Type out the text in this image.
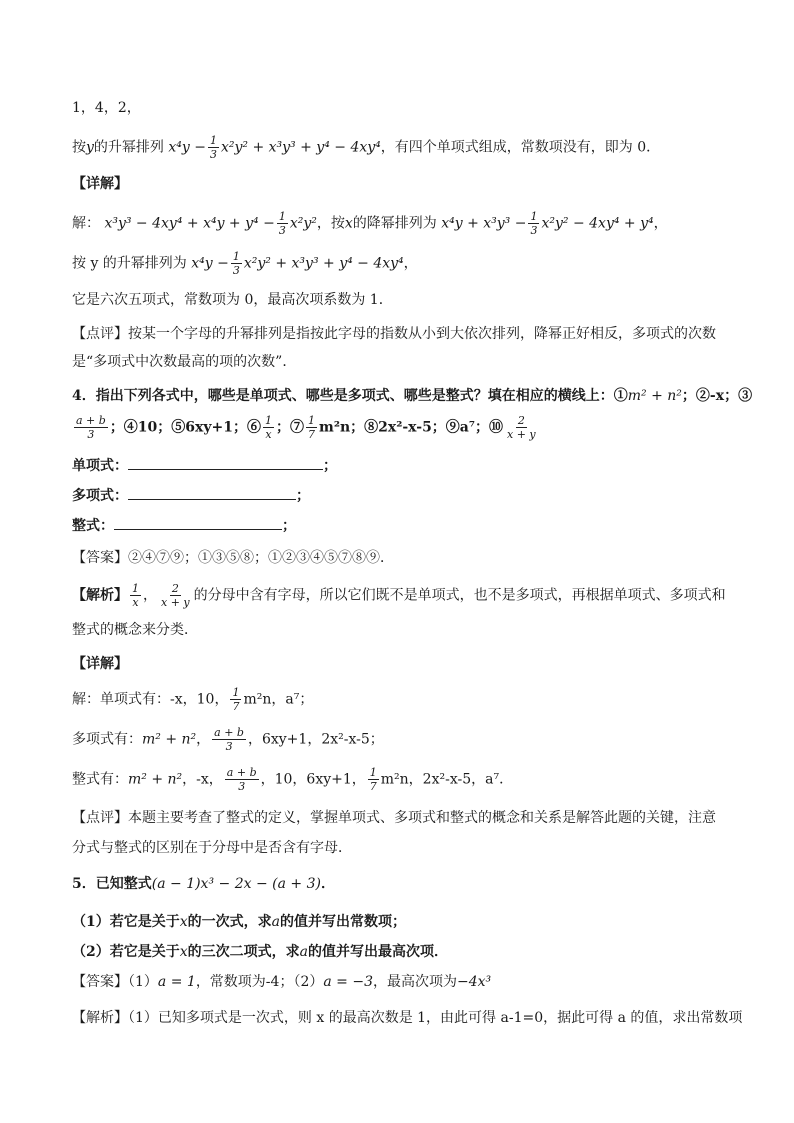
1，4，2，
按y的升幂排列 $x^4y - \frac{1}{3} x^2y^2 + x^3y^3 + y^4 - 4xy^4$，有四个单项式组成，常数项没有，即为 0．
【详解】
解： $x^3y^3 - 4xy^4 + x^4y + y^4 - \frac{1}{3} x^2y^2$，按x的降幂排列为 $x^4y + x^3y^3 - \frac{1}{3} x^2y^2 - 4xy^4 + y^4$，
按 y 的升幂排列为 $x^4y - \frac{1}{3} x^2y^2 + x^3y^3 + y^4 - 4xy^4$，
它是六次五项式，常数项为 0，最高次项系数为 1．
【点评】按某一个字母的升幂排列是指按此字母的指数从小到大依次排列，降幂正好相反，多项式的次数
是“多项式中次数最高的项的次数”．
4．指出下列各式中，哪些是单项式、哪些是多项式、哪些是整式？填在相应的横线上：①m² + n²；②-x；③
$\frac{a + b}{3}$ ；④10；⑤6xy+1；⑥ $\frac{1}{x}$ ；⑦ $\frac{1}{7} m^2n$；⑧2x²-x-5；⑨a⁷；⑩ $\frac{2}{x + y}$
单项式：	；
多项式：	；
整式：	；
【答案】②④⑦⑨；①③⑤⑧；①②③④⑤⑦⑧⑨．
【解析】 $\frac{1}{x}$ ， $\frac{2}{x + y}$ 的分母中含有字母，所以它们既不是单项式，也不是多项式，再根据单项式、多项式和
整式的概念来分类．
【详解】
解：单项式有：-x，10， $\frac{1}{7} m^2n$，a⁷；
多项式有：m² + n²， $\frac{a + b}{3}$ ，6xy+1，2x²-x-5；
整式有：m² + n²，-x， $\frac{a + b}{3}$ ，10，6xy+1， $\frac{1}{7} m^2n$，2x²-x-5，a⁷．
【点评】本题主要考查了整式的定义，掌握单项式、多项式和整式的概念和关系是解答此题的关键，注意
分式与整式的区别在于分母中是否含有字母．
5．已知整式(a − 1)x³ − 2x − (a + 3)．
（1）若它是关于x的一次式，求a的值并写出常数项；
（2）若它是关于x的三次二项式，求a的值并写出最高次项．
【答案】（1）a = 1，常数项为-4；（2）a = −3，最高次项为−4x³
【解析】（1）已知多项式是一次式，则 x 的最高次数是 1，由此可得 a-1=0，据此可得 a 的值，求出常数项
